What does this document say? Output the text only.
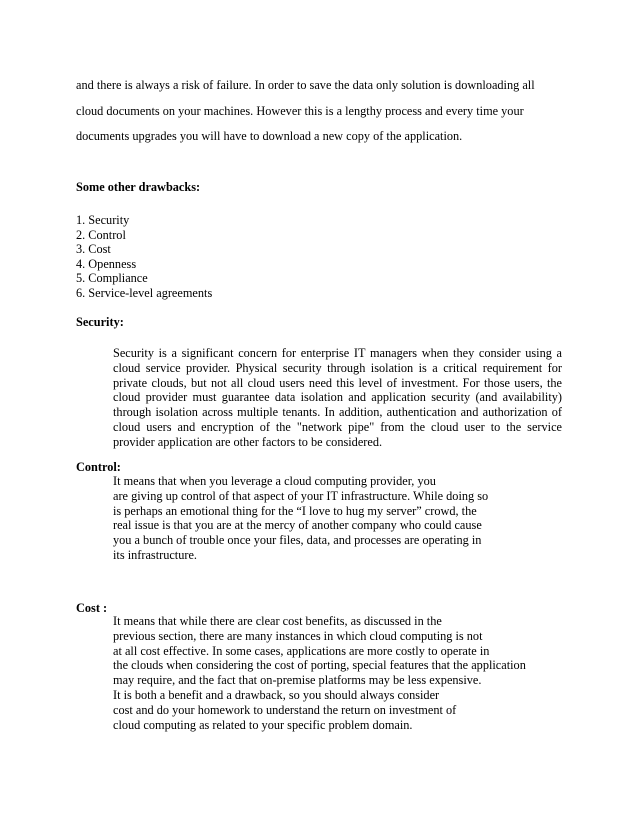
and there is always a risk of failure. In order to save the data only solution is downloading all
cloud documents on your machines. However this is a lengthy process and every time your
documents upgrades you will have to download a new copy of the application.

Some other drawbacks:
1. Security
2. Control
3. Cost
4. Openness
5. Compliance
6. Service-level agreements
Security:
Security is a significant concern for enterprise IT managers when they consider using a
cloud service provider. Physical security through isolation is a critical requirement for
private clouds, but not all cloud users need this level of investment. For those users, the
cloud provider must guarantee data isolation and application security (and availability)
through isolation across multiple tenants. In addition, authentication and authorization of
cloud users and encryption of the "network pipe" from the cloud user to the service
provider application are other factors to be considered.
Control:
It means that when you leverage a cloud computing provider, you
are giving up control of that aspect of your IT infrastructure. While doing so
is perhaps an emotional thing for the “I love to hug my server” crowd, the
real issue is that you are at the mercy of another company who could cause
you a bunch of trouble once your files, data, and processes are operating in
its infrastructure.
Cost :
It means that while there are clear cost benefits, as discussed in the
previous section, there are many instances in which cloud computing is not
at all cost effective. In some cases, applications are more costly to operate in
the clouds when considering the cost of porting, special features that the application
may require, and the fact that on-premise platforms may be less expensive.
It is both a benefit and a drawback, so you should always consider
cost and do your homework to understand the return on investment of
cloud computing as related to your specific problem domain.
